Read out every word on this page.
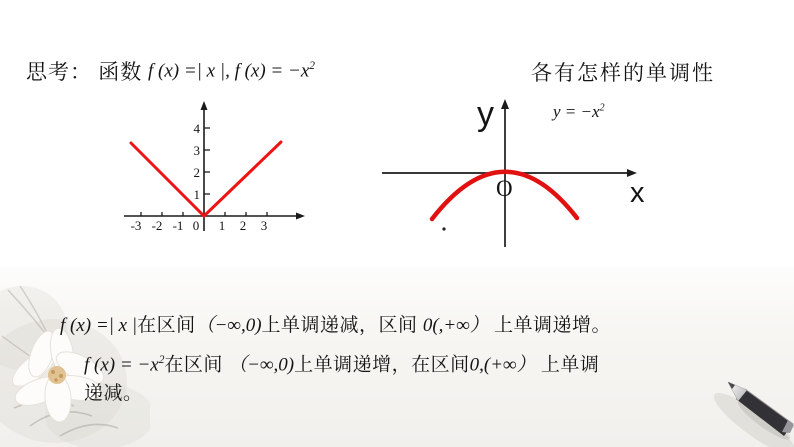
思考： 函数 f (x) =| x |, f $(x) = -x^2$	各有怎样的单调性
-3 -2 -1 0 1 2 3
1
2
3
4	y
x
O
$y = -x^2$
f (x) =| x |在区间（−∞,0)上单调递减，区间 0(,+∞） 上单调递增。
f $(x) = -x^2$在区间 （−∞,0)上单调递增，在区间0,(+∞） 上单调
递减。
